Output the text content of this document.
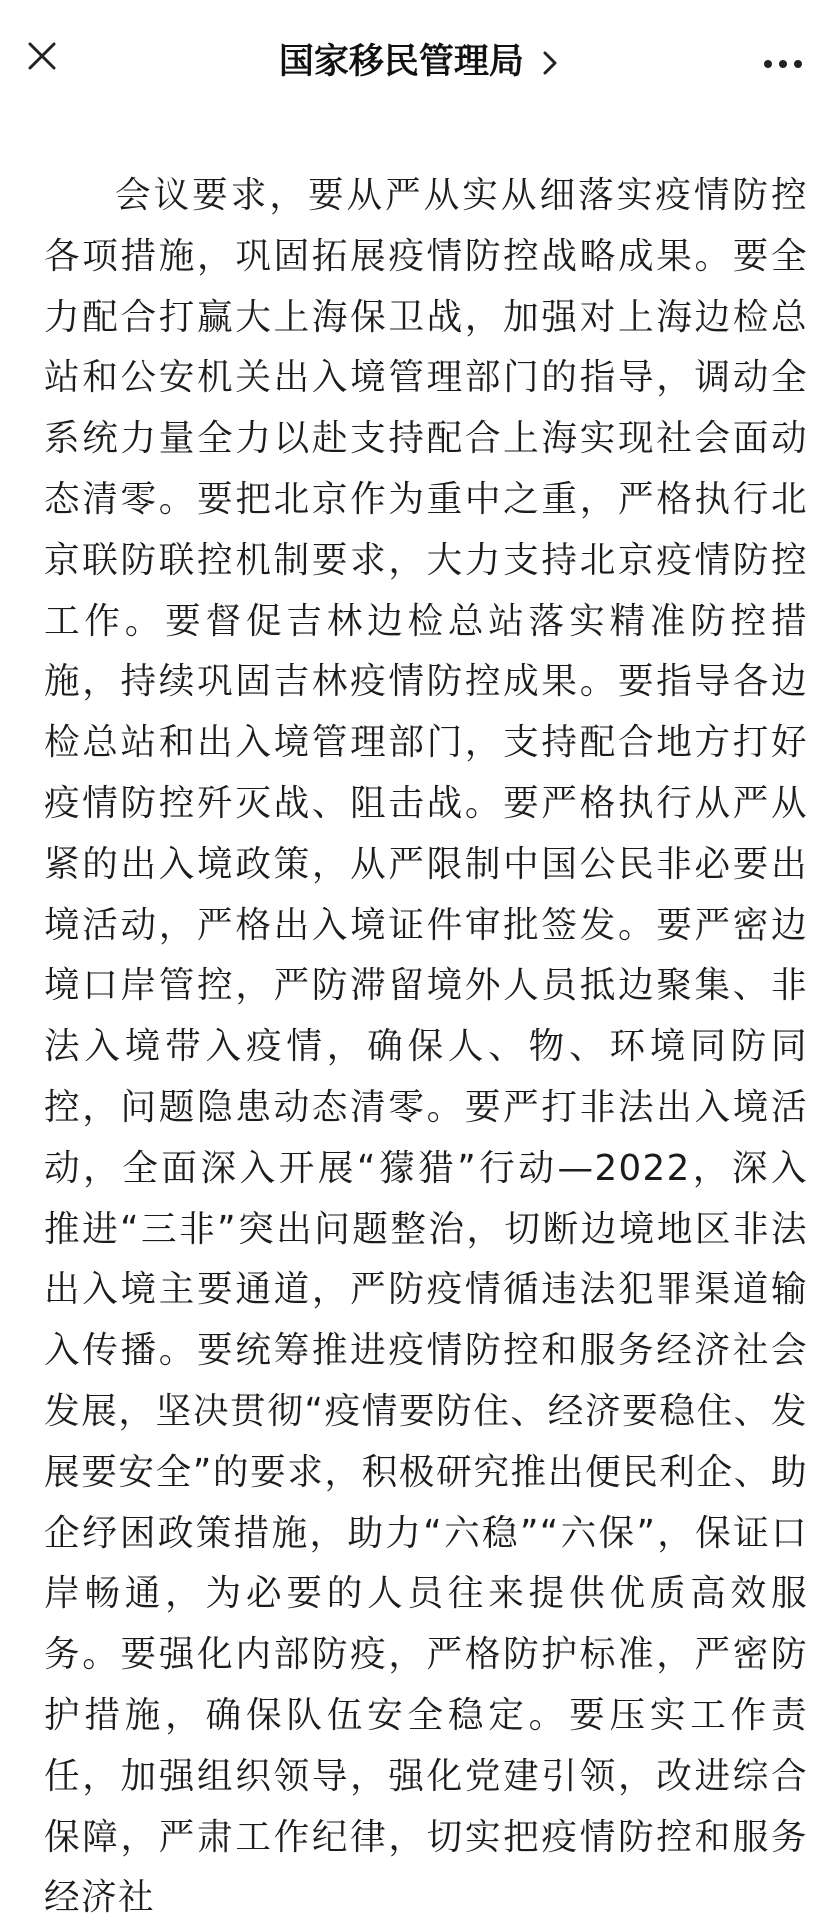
国家移民管理局

会议要求，要从严从实从细落实疫情防控各项措施，巩固拓展疫情防控战略成果。要全力配合打赢大上海保卫战，加强对上海边检总站和公安机关出入境管理部门的指导，调动全系统力量全力以赴支持配合上海实现社会面动态清零。要把北京作为重中之重，严格执行北京联防联控机制要求，大力支持北京疫情防控工作。要督促吉林边检总站落实精准防控措施，持续巩固吉林疫情防控成果。要指导各边检总站和出入境管理部门，支持配合地方打好疫情防控歼灭战、阻击战。要严格执行从严从紧的出入境政策，从严限制中国公民非必要出境活动，严格出入境证件审批签发。要严密边境口岸管控，严防滞留境外人员抵边聚集、非法入境带入疫情，确保人、物、环境同防同控，问题隐患动态清零。要严打非法出入境活动，全面深入开展“獴猎”行动—2022，深入推进“三非”突出问题整治，切断边境地区非法出入境主要通道，严防疫情循违法犯罪渠道输入传播。要统筹推进疫情防控和服务经济社会发展，坚决贯彻“疫情要防住、经济要稳住、发展要安全”的要求，积极研究推出便民利企、助企纾困政策措施，助力“六稳”“六保”，保证口岸畅通，为必要的人员往来提供优质高效服务。要强化内部防疫，严格防护标准，严密防护措施，确保队伍安全稳定。要压实工作责任，加强组织领导，强化党建引领，改进综合保障，严肃工作纪律，切实把疫情防控和服务经济社
